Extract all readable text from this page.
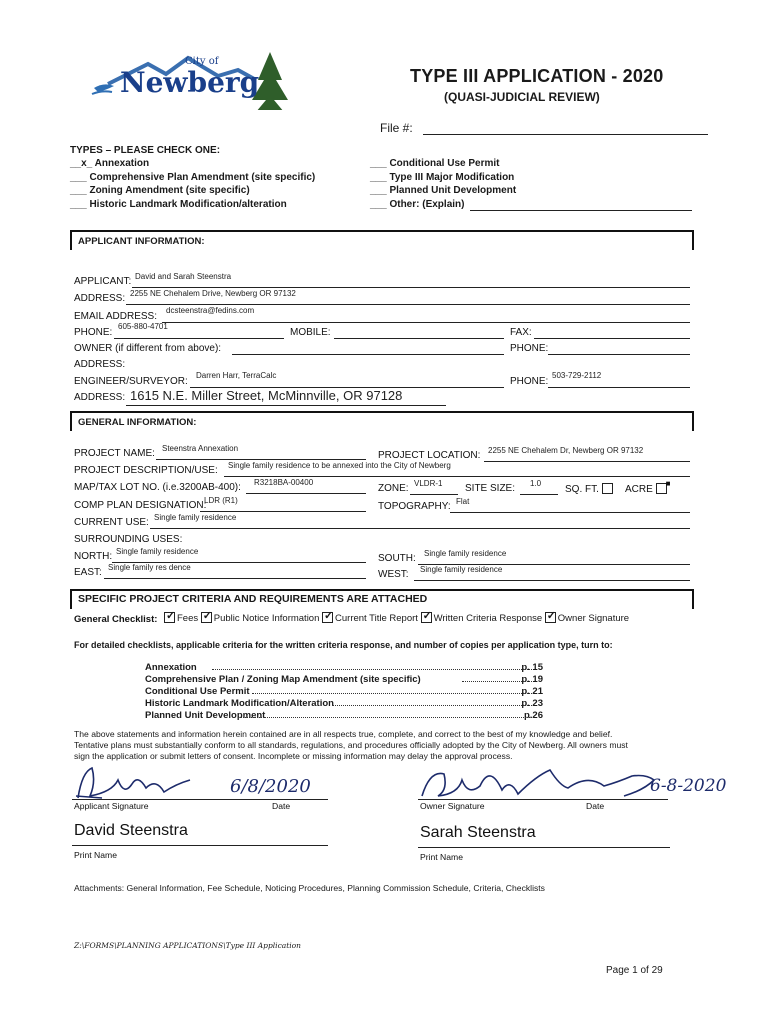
City of
Newberg	TYPE III APPLICATION - 2020
(QUASI-JUDICIAL REVIEW)
File #:
TYPES – PLEASE CHECK ONE:
__x_ Annexation
___ Comprehensive Plan Amendment (site specific)
___ Zoning Amendment (site specific)
___ Historic Landmark Modification/alteration
___ Conditional Use Permit
___ Type III Major Modification
___ Planned Unit Development
___ Other: (Explain)
APPLICANT INFORMATION:
APPLICANT: David and Sarah Steenstra
ADDRESS: 2255 NE Chehalem Drive, Newberg OR 97132
EMAIL ADDRESS:
dcsteenstra@fedins.com
PHONE:
605-880-4701
MOBILE:	FAX:
OWNER (if different from above):	PHONE:
ADDRESS:
ENGINEER/SURVEYOR:
Darren Harr, TerraCalc
PHONE:
503-729-2112
ADDRESS: 1615 N.E. Miller Street, McMinnville, OR 97128
GENERAL INFORMATION:
PROJECT NAME: Steenstra Annexation
PROJECT LOCATION: 2255 NE Chehalem Dr, Newberg OR 97132
PROJECT DESCRIPTION/USE: Single family residence to be annexed into the City of Newberg
MAP/TAX LOT NO. (i.e.3200AB-400): R3218BA-00400
ZONE: VLDR-1 SITE SIZE: 1.0
SQ. FT.	ACRE
■
COMP PLAN DESIGNATION:
LDR (R1)
TOPOGRAPHY: Flat
CURRENT USE: Single family residence
SURROUNDING USES:
NORTH: Single family residence
SOUTH: Single family residence
EAST: Single family res dence
WEST: Single family residence
SPECIFIC PROJECT CRITERIA AND REQUIREMENTS ARE ATTACHED
General Checklist: ✓ Fees ✓ Public Notice Information ✓ Current Title Report ✓ Written Criteria Response ✓ Owner Signature
For detailed checklists, applicable criteria for the written criteria response, and number of copies per application type, turn to:
Annexation	p. 15
Comprehensive Plan / Zoning Map Amendment (site specific)	p. 19
Conditional Use Permit	p. 21
Historic Landmark Modification/Alteration	p. 23
Planned Unit Development	p.26
The above statements and information herein contained are in all respects true, complete, and correct to the best of my knowledge and belief.
Tentative plans must substantially conform to all standards, regulations, and procedures officially adopted by the City of Newberg. All owners must
sign the application or submit letters of consent. Incomplete or missing information may delay the approval process.
6/8/2020
Applicant Signature	Date
6-8-2020
Owner Signature	Date
David Steenstra
Print Name
Sarah Steenstra
Print Name
Attachments: General Information, Fee Schedule, Noticing Procedures, Planning Commission Schedule, Criteria, Checklists
Z:\FORMS\PLANNING APPLICATIONS\Type III Application
Page 1 of 29
